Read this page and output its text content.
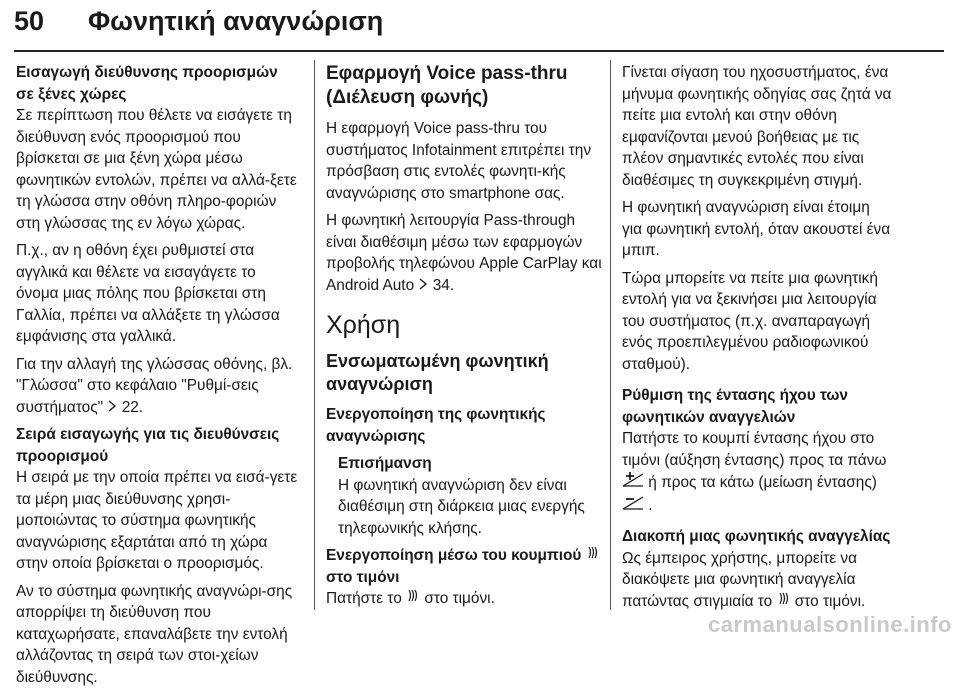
50 Φωνητική αναγνώριση

Εισαγωγή διεύθυνσης προορισμών σε ξένες χώρες

Σε περίπτωση που θέλετε να εισάγετε τη διεύθυνση ενός προορισμού που βρίσκεται σε μια ξένη χώρα μέσω φωνητικών εντολών, πρέπει να αλλά-ξετε τη γλώσσα στην οθόνη πληρο-φοριών στη γλώσσας της εν λόγω χώρας.

Π.χ., αν η οθόνη έχει ρυθμιστεί στα αγγλικά και θέλετε να εισαγάγετε το όνομα μιας πόλης που βρίσκεται στη Γαλλία, πρέπει να αλλάξετε τη γλώσσα εμφάνισης στα γαλλικά.

Για την αλλαγή της γλώσσας οθόνης, βλ. "Γλώσσα" στο κεφάλαιο "Ρυθμί-σεις συστήματος" 22.

Σειρά εισαγωγής για τις διευθύνσεις προορισμού

Η σειρά με την οποία πρέπει να εισά-γετε τα μέρη μιας διεύθυνσης χρησι-μοποιώντας το σύστημα φωνητικής αναγνώρισης εξαρτάται από τη χώρα στην οποία βρίσκεται ο προορισμός.

Αν το σύστημα φωνητικής αναγνώρι-σης απορρίψει τη διεύθυνση που καταχωρήσατε, επαναλάβετε την εντολή αλλάζοντας τη σειρά των στοι-χείων διεύθυνσης.

Εφαρμογή Voice pass-thru (Διέλευση φωνής)

Η εφαρμογή Voice pass-thru του συστήματος Infotainment επιτρέπει την πρόσβαση στις εντολές φωνητι-κής αναγνώρισης στο smartphone σας.

Η φωνητική λειτουργία Pass-through είναι διαθέσιμη μέσω των εφαρμογών προβολής τηλεφώνου Apple CarPlay και Android Auto 34.

Χρήση

Ενσωματωμένη φωνητική αναγνώριση

Ενεργοποίηση της φωνητικής αναγνώρισης

Επισήμανση

Η φωνητική αναγνώριση δεν είναι διαθέσιμη στη διάρκεια μιας ενεργής τηλεφωνικής κλήσης.

Ενεργοποίηση μέσω του κουμπιού  στο τιμόνι

Πατήστε το στο τιμόνι.

Γίνεται σίγαση του ηχοσυστήματος, ένα μήνυμα φωνητικής οδηγίας σας ζητά να πείτε μια εντολή και στην οθόνη εμφανίζονται μενού βοήθειας με τις πλέον σημαντικές εντολές που είναι διαθέσιμες τη συγκεκριμένη στιγμή.

Η φωνητική αναγνώριση είναι έτοιμη για φωνητική εντολή, όταν ακουστεί ένα μπιπ.

Τώρα μπορείτε να πείτε μια φωνητική εντολή για να ξεκινήσει μια λειτουργία του συστήματος (π.χ. αναπαραγωγή ενός προεπιλεγμένου ραδιοφωνικού σταθμού).

Ρύθμιση της έντασης ήχου των φωνητικών αναγγελιών

Πατήστε το κουμπί έντασης ήχου στο τιμόνι (αύξηση έντασης) προς τα πάνω  ή προς τα κάτω (μείωση έντασης)  .

Διακοπή μιας φωνητικής αναγγελίας

Ως έμπειρος χρήστης, μπορείτε να διακόψετε μια φωνητική αναγγελία πατώντας στιγμιαία το στο τιμόνι.

carmanualsonline.info
